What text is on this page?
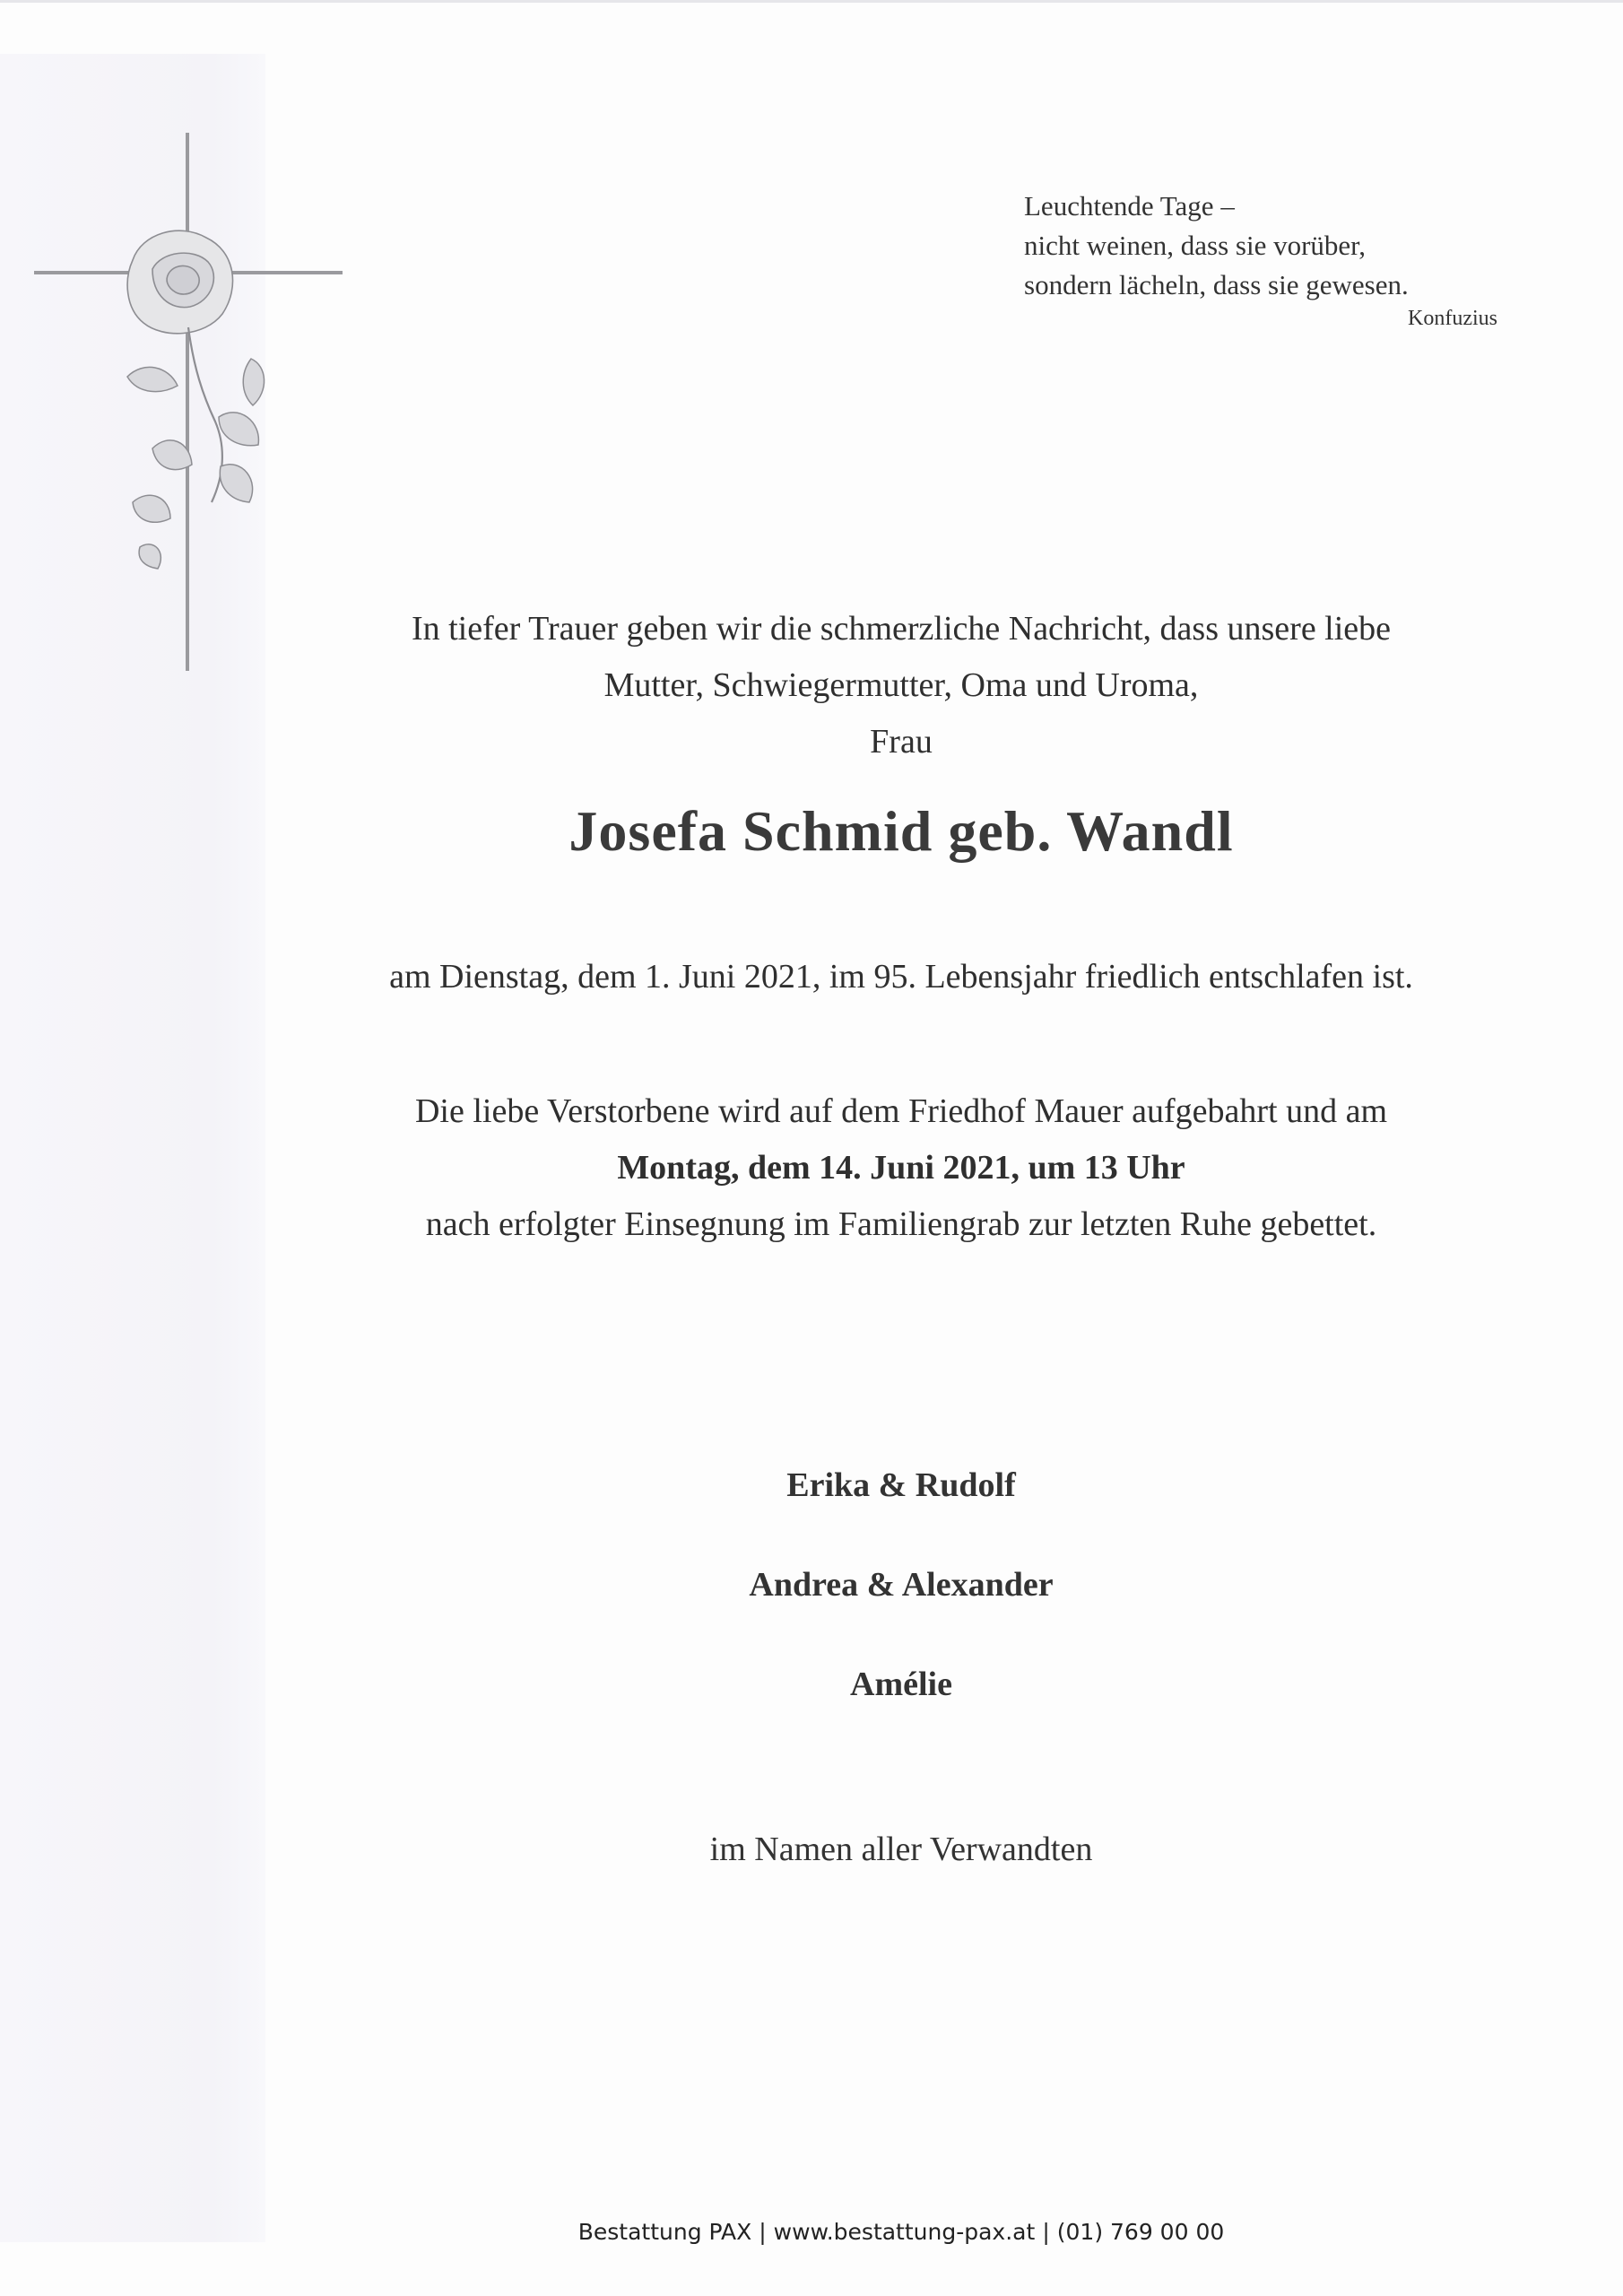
Leuchtende Tage –
nicht weinen, dass sie vorüber,
sondern lächeln, dass sie gewesen.
Konfuzius
In tiefer Trauer geben wir die schmerzliche Nachricht, dass unsere liebe
Mutter, Schwiegermutter, Oma und Uroma,
Frau
Josefa Schmid geb. Wandl
am Dienstag, dem 1. Juni 2021, im 95. Lebensjahr friedlich entschlafen ist.
Die liebe Verstorbene wird auf dem Friedhof Mauer aufgebahrt und am
Montag, dem 14. Juni 2021, um 13 Uhr
nach erfolgter Einsegnung im Familiengrab zur letzten Ruhe gebettet.
Erika & Rudolf
Andrea & Alexander
Amélie
im Namen aller Verwandten
Bestattung PAX | www.bestattung-pax.at | (01) 769 00 00
